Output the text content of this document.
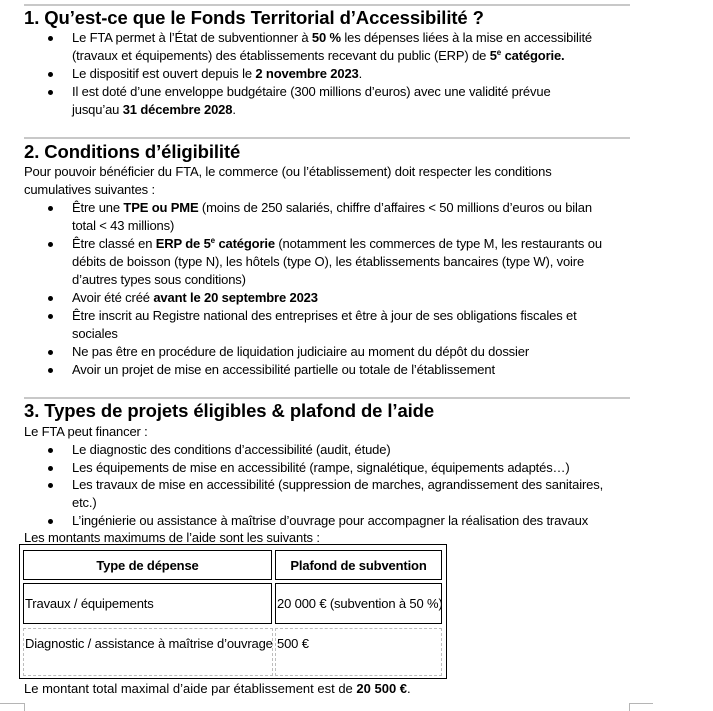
1. Qu’est-ce que le Fonds Territorial d’Accessibilité ?
Le FTA permet à l’État de subventionner à 50 % les dépenses liées à la mise en accessibilité
(travaux et équipements) des établissements recevant du public (ERP) de 5e catégorie.
Le dispositif est ouvert depuis le 2 novembre 2023.
Il est doté d’une enveloppe budgétaire (300 millions d’euros) avec une validité prévue
jusqu’au 31 décembre 2028.
2. Conditions d’éligibilité
Pour pouvoir bénéficier du FTA, le commerce (ou l’établissement) doit respecter les conditions
cumulatives suivantes :
Être une TPE ou PME (moins de 250 salariés, chiffre d’affaires < 50 millions d’euros ou bilan
total < 43 millions)
Être classé en ERP de 5e catégorie (notamment les commerces de type M, les restaurants ou
débits de boisson (type N), les hôtels (type O), les établissements bancaires (type W), voire
d’autres types sous conditions)
Avoir été créé avant le 20 septembre 2023
Être inscrit au Registre national des entreprises et être à jour de ses obligations fiscales et
sociales
Ne pas être en procédure de liquidation judiciaire au moment du dépôt du dossier
Avoir un projet de mise en accessibilité partielle ou totale de l’établissement
3. Types de projets éligibles & plafond de l’aide
Le FTA peut financer :
Le diagnostic des conditions d’accessibilité (audit, étude)
Les équipements de mise en accessibilité (rampe, signalétique, équipements adaptés…)
Les travaux de mise en accessibilité (suppression de marches, agrandissement des sanitaires,
etc.)
L’ingénierie ou assistance à maîtrise d’ouvrage pour accompagner la réalisation des travaux
Les montants maximums de l’aide sont les suivants :
Type de dépense	Plafond de subvention
Travaux / équipements	20 000 € (subvention à 50 %)
Diagnostic / assistance à maîtrise d’ouvrage 500 €
Le montant total maximal d’aide par établissement est de 20 500 €.
